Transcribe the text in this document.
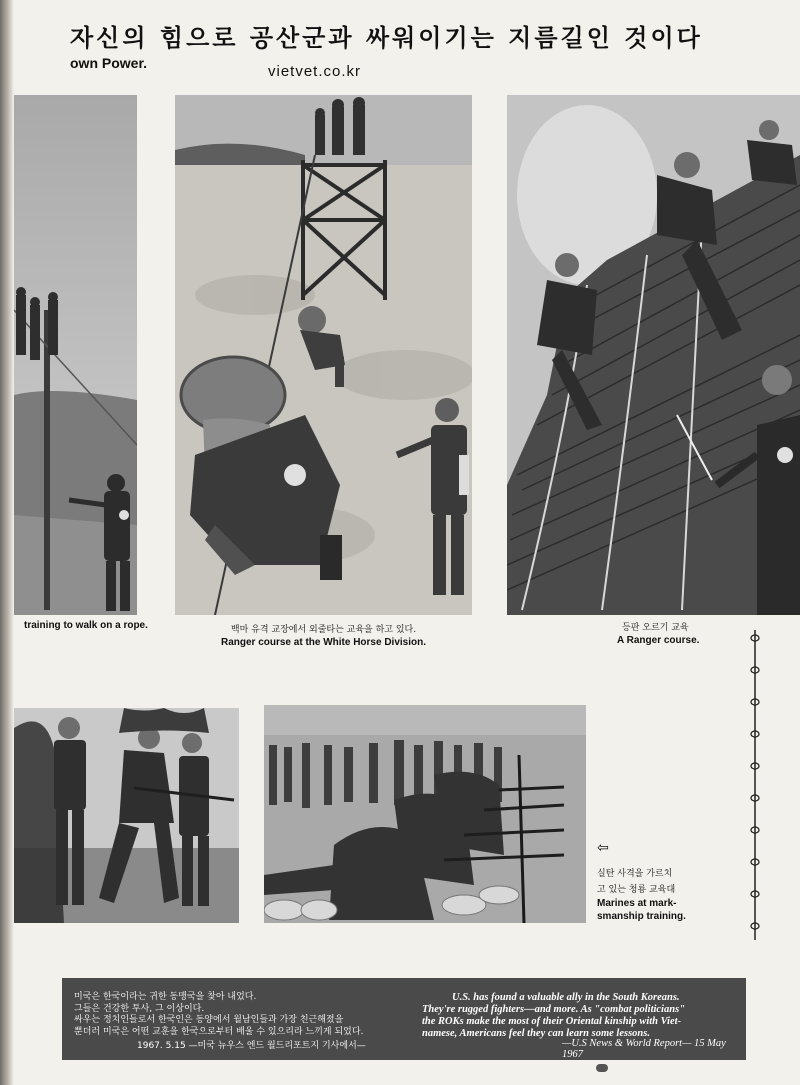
자신의 힘으로 공산군과 싸워이기는 지름길인 것이다
own Power.	vietvet.co.kr
training to walk on a rope.	백마 유격 교장에서 외줄타는 교육을 하고 있다.
Ranger course at the White Horse Division.
등판 오르기 교육
A Ranger course.
⇦
실탄 사격을 가르치
고 있는 청룡 교육대
Marines at mark-
smanship training.
미국은 한국이라는 귀한 동맹국을 찾아 내었다.
그들은 건강한 투사, 그 이상이다.
싸우는 정치인들로서 한국인은 동양에서 월남인들과 가장 친근해졌을
뿐더러 미국은 어떤 교훈을 한국으로부터 배울 수 있으리라 느끼게 되었다.
1967. 5.15 —미국 뉴우스 엔드 월드리포트지 기사에서—
U.S. has found a valuable ally in the South Koreans.
They're rugged fighters—and more. As "combat politicians"
the ROKs make the most of their Oriental kinship with Viet-
namese, Americans feel they can learn some lessons.
—U.S News & World Report— 15 May 1967
